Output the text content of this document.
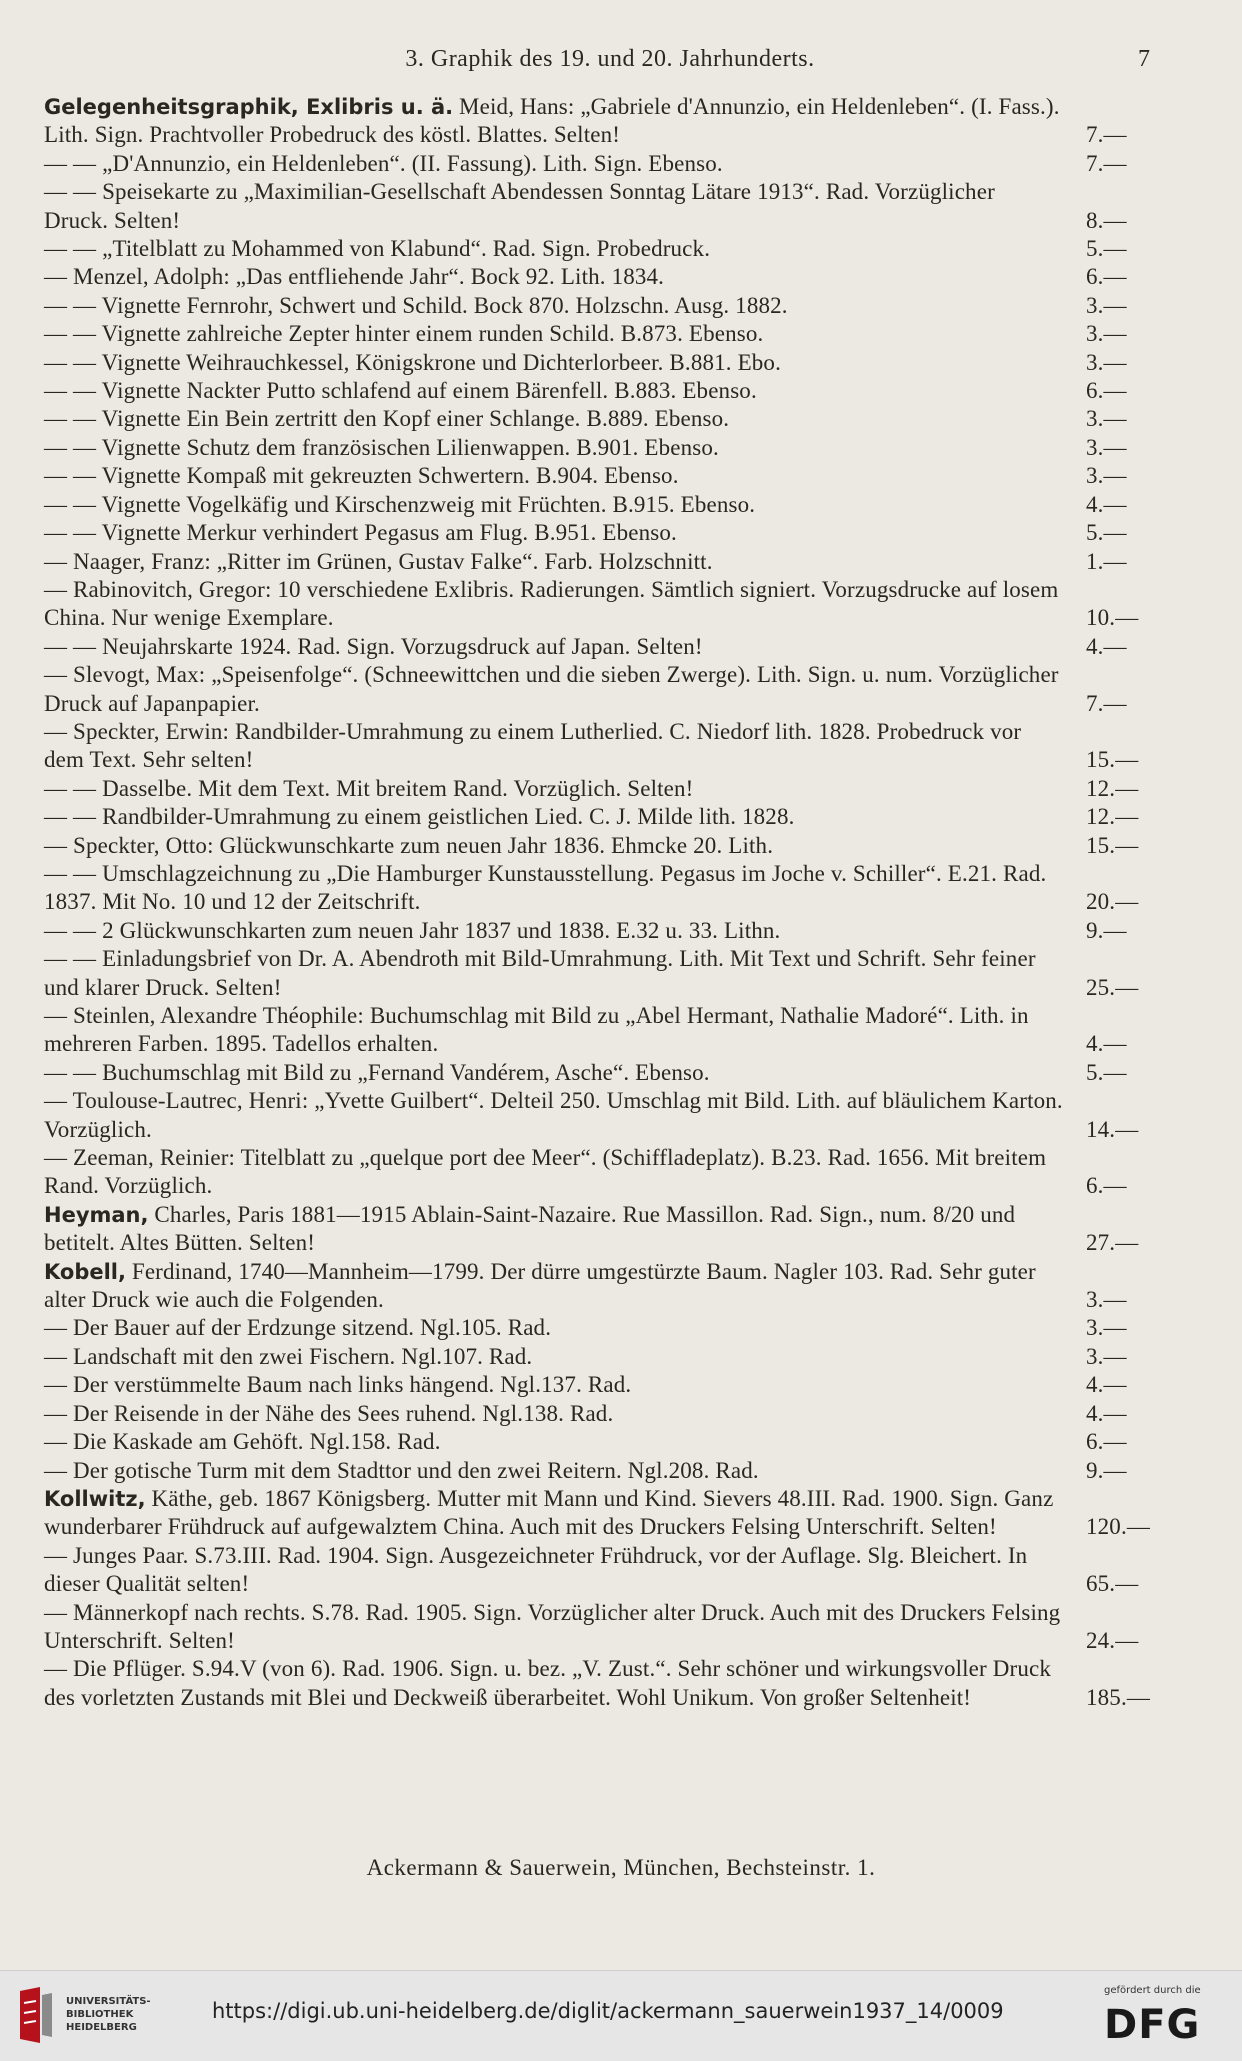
3. Graphik des 19. und 20. Jahrhunderts.	7
Gelegenheitsgraphik, Exlibris u. ä. Meid, Hans: „Gabriele d'Annunzio, ein Heldenleben“. (I. Fass.). Lith. Sign. Prachtvoller Probedruck des köstl. Blattes. Selten!	7.—
— — „D'Annunzio, ein Heldenleben“. (II. Fassung). Lith. Sign. Ebenso.	7.—
— — Speisekarte zu „Maximilian-Gesellschaft Abendessen Sonntag Lätare 1913“. Rad. Vorzüglicher Druck. Selten!	8.—
— — „Titelblatt zu Mohammed von Klabund“. Rad. Sign. Probedruck.	5.—
— Menzel, Adolph: „Das entfliehende Jahr“. Bock 92. Lith. 1834.	6.—
— — Vignette Fernrohr, Schwert und Schild. Bock 870. Holzschn. Ausg. 1882.	3.—
— — Vignette zahlreiche Zepter hinter einem runden Schild. B.873. Ebenso.	3.—
— — Vignette Weihrauchkessel, Königskrone und Dichterlorbeer. B.881. Ebo.	3.—
— — Vignette Nackter Putto schlafend auf einem Bärenfell. B.883. Ebenso.	6.—
— — Vignette Ein Bein zertritt den Kopf einer Schlange. B.889. Ebenso.	3.—
— — Vignette Schutz dem französischen Lilienwappen. B.901. Ebenso.	3.—
— — Vignette Kompaß mit gekreuzten Schwertern. B.904. Ebenso.	3.—
— — Vignette Vogelkäfig und Kirschenzweig mit Früchten. B.915. Ebenso.	4.—
— — Vignette Merkur verhindert Pegasus am Flug. B.951. Ebenso.	5.—
— Naager, Franz: „Ritter im Grünen, Gustav Falke“. Farb. Holzschnitt.	1.—
— Rabinovitch, Gregor: 10 verschiedene Exlibris. Radierungen. Sämtlich signiert. Vorzugsdrucke auf losem China. Nur wenige Exemplare.	10.—
— — Neujahrskarte 1924. Rad. Sign. Vorzugsdruck auf Japan. Selten!	4.—
— Slevogt, Max: „Speisenfolge“. (Schneewittchen und die sieben Zwerge). Lith. Sign. u. num. Vorzüglicher Druck auf Japanpapier.	7.—
— Speckter, Erwin: Randbilder-Umrahmung zu einem Lutherlied. C. Niedorf lith. 1828. Probedruck vor dem Text. Sehr selten!	15.—
— — Dasselbe. Mit dem Text. Mit breitem Rand. Vorzüglich. Selten!	12.—
— — Randbilder-Umrahmung zu einem geistlichen Lied. C. J. Milde lith. 1828.	12.—
— Speckter, Otto: Glückwunschkarte zum neuen Jahr 1836. Ehmcke 20. Lith.	15.—
— — Umschlagzeichnung zu „Die Hamburger Kunstausstellung. Pegasus im Joche v. Schiller“. E.21. Rad. 1837. Mit No. 10 und 12 der Zeitschrift.	20.—
— — 2 Glückwunschkarten zum neuen Jahr 1837 und 1838. E.32 u. 33. Lithn.	9.—
— — Einladungsbrief von Dr. A. Abendroth mit Bild-Umrahmung. Lith. Mit Text und Schrift. Sehr feiner und klarer Druck. Selten!	25.—
— Steinlen, Alexandre Théophile: Buchumschlag mit Bild zu „Abel Hermant, Nathalie Madoré“. Lith. in mehreren Farben. 1895. Tadellos erhalten.	4.—
— — Buchumschlag mit Bild zu „Fernand Vandérem, Asche“. Ebenso.	5.—
— Toulouse-Lautrec, Henri: „Yvette Guilbert“. Delteil 250. Umschlag mit Bild. Lith. auf bläulichem Karton. Vorzüglich.	14.—
— Zeeman, Reinier: Titelblatt zu „quelque port dee Meer“. (Schiffladeplatz). B.23. Rad. 1656. Mit breitem Rand. Vorzüglich.	6.—
Heyman, Charles, Paris 1881—1915 Ablain-Saint-Nazaire. Rue Massillon. Rad. Sign., num. 8/20 und betitelt. Altes Bütten. Selten!	27.—
Kobell, Ferdinand, 1740—Mannheim—1799. Der dürre umgestürzte Baum. Nagler 103. Rad. Sehr guter alter Druck wie auch die Folgenden.	3.—
— Der Bauer auf der Erdzunge sitzend. Ngl.105. Rad.	3.—
— Landschaft mit den zwei Fischern. Ngl.107. Rad.	3.—
— Der verstümmelte Baum nach links hängend. Ngl.137. Rad.	4.—
— Der Reisende in der Nähe des Sees ruhend. Ngl.138. Rad.	4.—
— Die Kaskade am Gehöft. Ngl.158. Rad.	6.—
— Der gotische Turm mit dem Stadttor und den zwei Reitern. Ngl.208. Rad.	9.—
Kollwitz, Käthe, geb. 1867 Königsberg. Mutter mit Mann und Kind. Sievers 48.III. Rad. 1900. Sign. Ganz wunderbarer Frühdruck auf aufgewalztem China. Auch mit des Druckers Felsing Unterschrift. Selten!	120.—
— Junges Paar. S.73.III. Rad. 1904. Sign. Ausgezeichneter Frühdruck, vor der Auflage. Slg. Bleichert. In dieser Qualität selten!	65.—
— Männerkopf nach rechts. S.78. Rad. 1905. Sign. Vorzüglicher alter Druck. Auch mit des Druckers Felsing Unterschrift. Selten!	24.—
— Die Pflüger. S.94.V (von 6). Rad. 1906. Sign. u. bez. „V. Zust.“. Sehr schöner und wirkungsvoller Druck des vorletzten Zustands mit Blei und Deckweiß überarbeitet. Wohl Unikum. Von großer Seltenheit!	185.—
Ackermann & Sauerwein, München, Bechsteinstr. 1.
UNIVERSITÄTS-
BIBLIOTHEK
HEIDELBERG
https://digi.ub.uni-heidelberg.de/diglit/ackermann_sauerwein1937_14/0009
gefördert durch die
DFG
